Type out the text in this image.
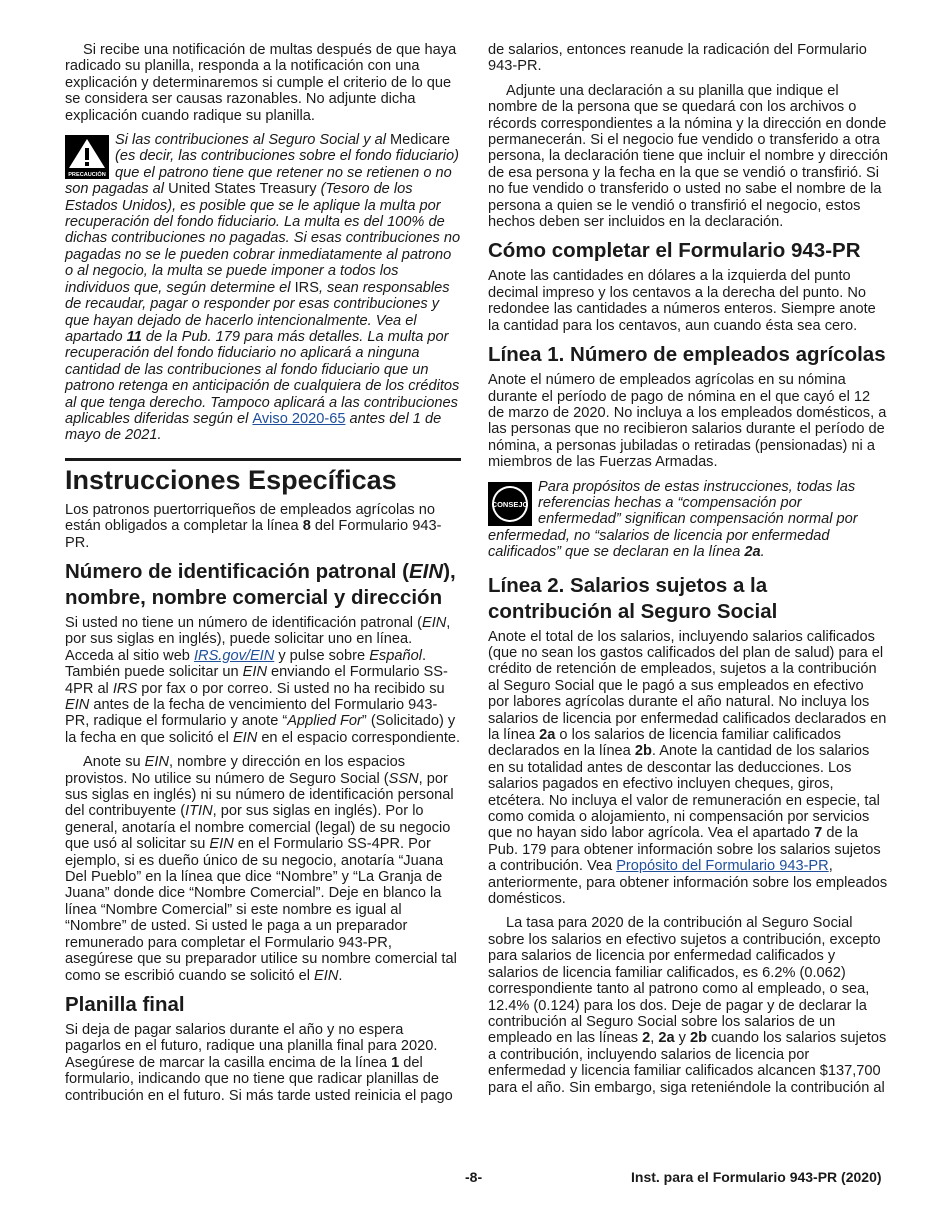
Si recibe una notificación de multas después de que haya radicado su planilla, responda a la notificación con una explicación y determinaremos si cumple el criterio de lo que se considera ser causas razonables. No adjunte dicha explicación cuando radique su planilla.

PRECAUCIÓN

Si las contribuciones al Seguro Social y al Medicare (es decir, las contribuciones sobre el fondo fiduciario) que el patrono tiene que retener no se retienen o no son pagadas al United States Treasury (Tesoro de los Estados Unidos), es posible que se le aplique la multa por recuperación del fondo fiduciario. La multa es del 100% de dichas contribuciones no pagadas. Si esas contribuciones no pagadas no se le pueden cobrar inmediatamente al patrono o al negocio, la multa se puede imponer a todos los individuos que, según determine el IRS, sean responsables de recaudar, pagar o responder por esas contribuciones y que hayan dejado de hacerlo intencionalmente. Vea el apartado 11 de la Pub. 179 para más detalles. La multa por recuperación del fondo fiduciario no aplicará a ninguna cantidad de las contribuciones al fondo fiduciario que un patrono retenga en anticipación de cualquiera de los créditos al que tenga derecho. Tampoco aplicará a las contribuciones aplicables diferidas según el Aviso 2020-65 antes del 1 de mayo de 2021.

Instrucciones Específicas

Los patronos puertorriqueños de empleados agrícolas no están obligados a completar la línea 8 del Formulario 943-PR.

Número de identificación patronal (EIN), nombre, nombre comercial y dirección

Si usted no tiene un número de identificación patronal (EIN, por sus siglas en inglés), puede solicitar uno en línea. Acceda al sitio web IRS.gov/EIN y pulse sobre Español. También puede solicitar un EIN enviando el Formulario SS-4PR al IRS por fax o por correo. Si usted no ha recibido su EIN antes de la fecha de vencimiento del Formulario 943-PR, radique el formulario y anote “Applied For” (Solicitado) y la fecha en que solicitó el EIN en el espacio correspondiente.

Anote su EIN, nombre y dirección en los espacios provistos. No utilice su número de Seguro Social (SSN, por sus siglas en inglés) ni su número de identificación personal del contribuyente (ITIN, por sus siglas en inglés). Por lo general, anotaría el nombre comercial (legal) de su negocio que usó al solicitar su EIN en el Formulario SS-4PR. Por ejemplo, si es dueño único de su negocio, anotaría “Juana Del Pueblo” en la línea que dice “Nombre” y “La Granja de Juana” donde dice “Nombre Comercial”. Deje en blanco la línea “Nombre Comercial” si este nombre es igual al “Nombre” de usted. Si usted le paga a un preparador remunerado para completar el Formulario 943-PR, asegúrese que su preparador utilice su nombre comercial tal como se escribió cuando se solicitó el EIN.

Planilla final

Si deja de pagar salarios durante el año y no espera pagarlos en el futuro, radique una planilla final para 2020. Asegúrese de marcar la casilla encima de la línea 1 del formulario, indicando que no tiene que radicar planillas de contribución en el futuro. Si más tarde usted reinicia el pago

de salarios, entonces reanude la radicación del Formulario 943-PR.

Adjunte una declaración a su planilla que indique el nombre de la persona que se quedará con los archivos o récords correspondientes a la nómina y la dirección en donde permanecerán. Si el negocio fue vendido o transferido a otra persona, la declaración tiene que incluir el nombre y dirección de esa persona y la fecha en la que se vendió o transfirió. Si no fue vendido o transferido o usted no sabe el nombre de la persona a quien se le vendió o transfirió el negocio, estos hechos deben ser incluidos en la declaración.

Cómo completar el Formulario 943-PR

Anote las cantidades en dólares a la izquierda del punto decimal impreso y los centavos a la derecha del punto. No redondee las cantidades a números enteros. Siempre anote la cantidad para los centavos, aun cuando ésta sea cero.

Línea 1. Número de empleados agrícolas

Anote el número de empleados agrícolas en su nómina durante el período de pago de nómina en el que cayó el 12 de marzo de 2020. No incluya a los empleados domésticos, a las personas que no recibieron salarios durante el período de nómina, a personas jubiladas o retiradas (pensionadas) ni a miembros de las Fuerzas Armadas.

CONSEJO

Para propósitos de estas instrucciones, todas las referencias hechas a “compensación por enfermedad” significan compensación normal por enfermedad, no “salarios de licencia por enfermedad calificados” que se declaran en la línea 2a.

Línea 2. Salarios sujetos a la contribución al Seguro Social

Anote el total de los salarios, incluyendo salarios calificados (que no sean los gastos calificados del plan de salud) para el crédito de retención de empleados, sujetos a la contribución al Seguro Social que le pagó a sus empleados en efectivo por labores agrícolas durante el año natural. No incluya los salarios de licencia por enfermedad calificados declarados en la línea 2a o los salarios de licencia familiar calificados declarados en la línea 2b. Anote la cantidad de los salarios en su totalidad antes de descontar las deducciones. Los salarios pagados en efectivo incluyen cheques, giros, etcétera. No incluya el valor de remuneración en especie, tal como comida o alojamiento, ni compensación por servicios que no hayan sido labor agrícola. Vea el apartado 7 de la Pub. 179 para obtener información sobre los salarios sujetos a contribución. Vea Propósito del Formulario 943-PR, anteriormente, para obtener información sobre los empleados domésticos.

La tasa para 2020 de la contribución al Seguro Social sobre los salarios en efectivo sujetos a contribución, excepto para salarios de licencia por enfermedad calificados y salarios de licencia familiar calificados, es 6.2% (0.062) correspondiente tanto al patrono como al empleado, o sea, 12.4% (0.124) para los dos. Deje de pagar y de declarar la contribución al Seguro Social sobre los salarios de un empleado en las líneas 2, 2a y 2b cuando los salarios sujetos a contribución, incluyendo salarios de licencia por enfermedad y licencia familiar calificados alcancen $137,700 para el año. Sin embargo, siga reteniéndole la contribución al

-8-	Inst. para el Formulario 943-PR (2020)
